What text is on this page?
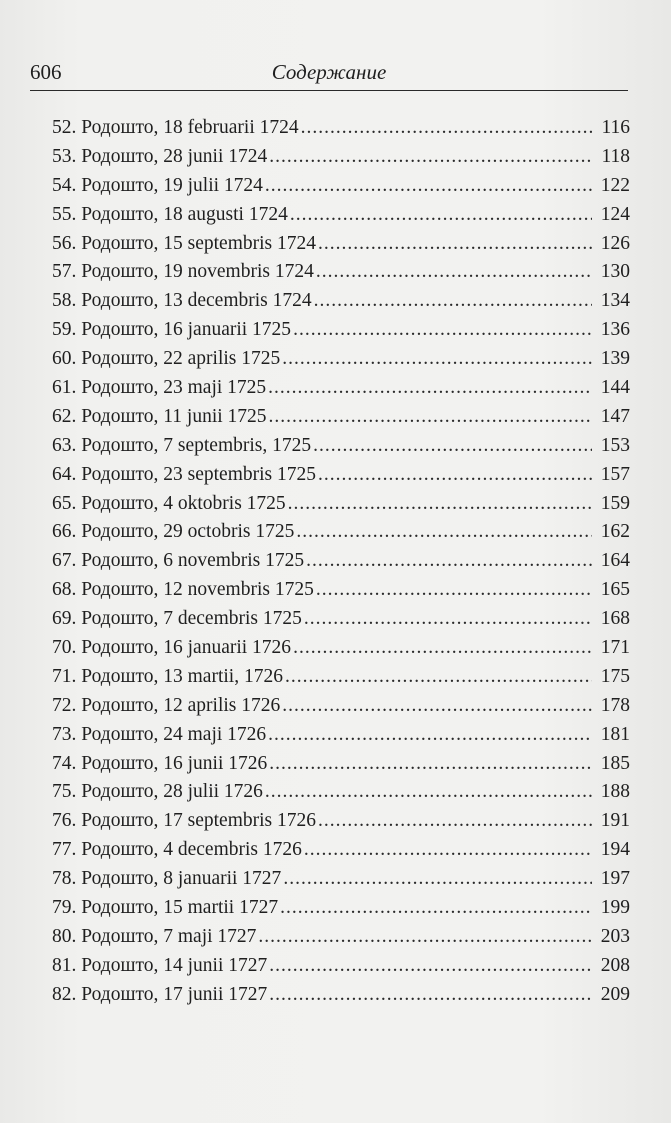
606	Содержание
52. Родошто, 18 februarii 1724 .....	116
53. Родошто, 28 junii 1724 .....	118
54. Родошто, 19 julii 1724 .....	122
55. Родошто, 18 augusti 1724 .....	124
56. Родошто, 15 septembris 1724 .....	126
57. Родошто, 19 novembris 1724 .....	130
58. Родошто, 13 decembris 1724 .....	134
59. Родошто, 16 januarii 1725 .....	136
60. Родошто, 22 aprilis 1725 .....	139
61. Родошто, 23 maji 1725 .....	144
62. Родошто, 11 junii 1725 .....	147
63. Родошто, 7 septembris, 1725 .....	153
64. Родошто, 23 septembris 1725 .....	157
65. Родошто, 4 oktobris 1725 .....	159
66. Родошто, 29 octobris 1725 .....	162
67. Родошто, 6 novembris 1725 .....	164
68. Родошто, 12 novembris 1725 .....	165
69. Родошто, 7 decembris 1725 .....	168
70. Родошто, 16 januarii 1726 .....	171
71. Родошто, 13 martii, 1726 .....	175
72. Родошто, 12 aprilis 1726 .....	178
73. Родошто, 24 maji 1726 .....	181
74. Родошто, 16 junii 1726 .....	185
75. Родошто, 28 julii 1726 .....	188
76. Родошто, 17 septembris 1726 .....	191
77. Родошто, 4 decembris 1726 .....	194
78. Родошто, 8 januarii 1727 .....	197
79. Родошто, 15 martii 1727 .....	199
80. Родошто, 7 maji 1727 .....	203
81. Родошто, 14 junii 1727 .....	208
82. Родошто, 17 junii 1727 .....	209
